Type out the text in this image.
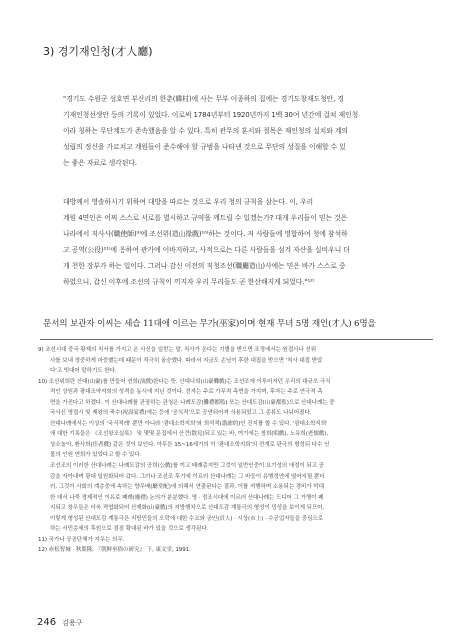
3) 경기재인청(才人廳)

"경기도 수원군 성호면 부산리의 한춘(韓村)에 사는 무부 이종하의 집에는 경기도창재도청안, 경

기재인청선생안 등의 기록이 있었다. 이로써 1784년부터 1920년까지 1백 30여 년간에 걸쳐 재인청

이라 칭하는 무단계도가 존속했음을 알 수 있다. 특히 관무의 훈서와 절목은 재인청의 설치와 계의

성립의 정신을 가르치고 계원들이 준수해야 할 규범을 나타낸 것으로 무단의 성질을 이해할 수 있

는 좋은 자료로 생각된다.

대방께서 영솔하시기 위하여 대방을 따르는 것으로 우리 청의 규칙을 삼는다. 이, 우리

계원 4면인은 어찌 스스로 서로를 멸시하고 규약을 깨트릴 수 있겠는가? 대개 우리들이 믿는 것은

나라에서 직사사(職使師)⁹⁾에 조선위(造山祿戲)¹⁰⁾하는 것이다. 저 사람들에 영합하여 청에 참석하

고 공역(公役)¹¹⁾에 응하여 관가에 이바지하고, 사적으로는 다른 사람들을 섬겨 자산을 실비우니 더

개 천한 장부가 하는 일이다. 그러나 감신 이전의 직청조선(職廳造山)사에는 믿은 바가 스스로 중

하였으니, 갑신 이후에 조선의 규칙이 끼지자 우리 무리들도 곧 한산해지게 되었다."¹²⁾

문서의 보관자 이씨는 세습 11대에 이르는 무가(巫家)이며 현재 무녀 5명 재인(才人) 6명을

9) 조선시대 중국 황제의 칙서를 가지고 온 사신을 일컫는 말. 칙사가 온다는 기별을 받으면 조정에서는 원접사나 선위

사를 보내 정중하게 마중했는데 때문이 적극히 융숭했다. 따라서 지금도 손님이 후한 대접을 받으면 '칙사 대접 받았

다'고 빗대어 말하기도 한다.

10) 조선위희란 산대(山臺)를 만들어 연희(演戲)한다는 뜻. 산대나희(山臺儺戲)는 조선조에 이루어지던 우리의 대규모 극식

적인 상원과 광대조약석희의 성격을 동시에 지닌 것이다. 전자는 주로 가무적 측면을 가지며, 후자는 주로 연극적 측

면을 가진다고 하겠다. 이 산대나례를 관장하는 관청은 나례도감(儺禮都監) 또는 산대도감(山臺都監)으로 산대나례는 중

국사신 영접시 및 제왕의 축수(祝壽宴禮)에는 등에 '공식적'으로 공연되어져 사용되었고 그 종류도 나뉘어졌다.

산대나례에서는 이상의 '국식적례' 뿐만 아니라 '광대소학지희'와 희석적(諧謔的)인 진지를 할 수 있다. '광대소학지희'

에 대한 기록들은 《조선왕조실록》 및 몇몇 문집에서 산견(散見)되고 있는 바, 여기에는 창희(唱戲), 노유희(老儒戲),

상소놀이, 환사희(宦者戲) 같은 것이 보인다. 아무튼 15~16세기의 이 '광대소학지희'의 전개로 판극의 형성되 다수 인

물의 인원 연희가 있었다고 할 수 있다.

조선조의 이러한 산대나례는 나례도감의 공희(公戲)를 끼고 태례총지만 그것이 일반인중이 요기성의 애정이 되고 공

감을 자아내며 광대 일원화되어 갔다. 그러나 조선조 후기에 이르러 산대나례는 그 바둥이 유행정연에 떨어지될 뿐더

러, 그것이 사회의 계층중에 속하는 향무배(廳堂配)에 의해서 연출된다는 결과, 이를 저행하며 소용되는 경비가 막대

한 데서 나죽 경제적인 이유로 폐례(廢禮) 논의가 분분했다. 영 · 정조시대에 이르러 산대나례는 드디어 그 거행이 폐

지되고 창우들은 더욱 적엽화되어 산재화(山臺戲)의 지방행차으로 산대도감 계통극의 형성이 밍성을 보이게 되므어,

이렇게 형성된 산대도감 계통극은 지방민들의 오락에 대한 수요와 공인(貢人) · 시상(市上) · 수공업자들을 중심으로

하는 서민층세의 후원으로 점점 확대된 바가 있을 것으로 생각된다.

11) 국가나 공공단체가 지우는 의무.

12) 赤松智城 · 秋葉隆, 『朝鮮巫俗の研究』 下, 東文堂, 1991.

246 김용구
